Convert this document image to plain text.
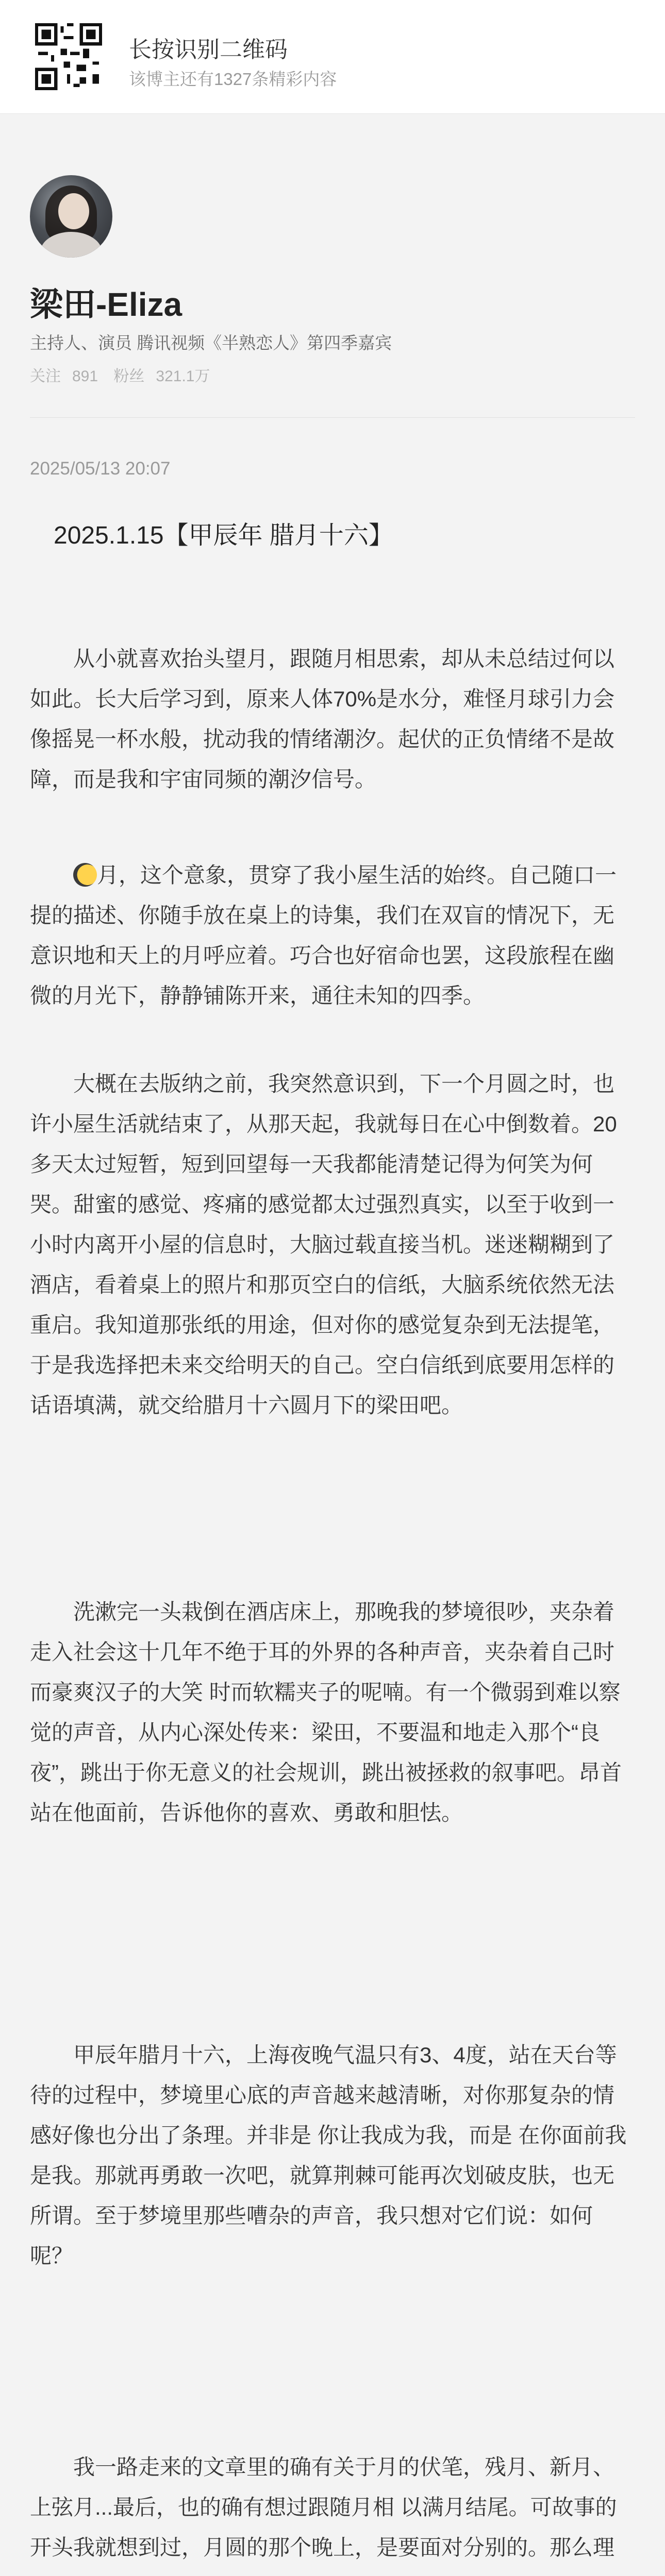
长按识别二维码
该博主还有1327条精彩内容
梁田-Eliza
主持人、演员 腾讯视频《半熟恋人》第四季嘉宾
关注 891 粉丝 321.1万
2025/05/13 20:07
2025.1.15【甲辰年 腊月十六】

从小就喜欢抬头望月，跟随月相思索，却从未总结过何以如此。长大后学习到，原来人体70%是水分，难怪月球引力会像摇晃一杯水般，扰动我的情绪潮汐。起伏的正负情绪不是故障，而是我和宇宙同频的潮汐信号。

月，这个意象，贯穿了我小屋生活的始终。自己随口一提的描述、你随手放在桌上的诗集，我们在双盲的情况下，无意识地和天上的月呼应着。巧合也好宿命也罢，这段旅程在幽微的月光下，静静铺陈开来，通往未知的四季。

大概在去版纳之前，我突然意识到，下一个月圆之时，也许小屋生活就结束了，从那天起，我就每日在心中倒数着。20多天太过短暂，短到回望每一天我都能清楚记得为何笑为何哭。甜蜜的感觉、疼痛的感觉都太过强烈真实，以至于收到一小时内离开小屋的信息时，大脑过载直接当机。迷迷糊糊到了酒店，看着桌上的照片和那页空白的信纸，大脑系统依然无法重启。我知道那张纸的用途，但对你的感觉复杂到无法提笔，于是我选择把未来交给明天的自己。空白信纸到底要用怎样的话语填满，就交给腊月十六圆月下的梁田吧。

洗漱完一头栽倒在酒店床上，那晚我的梦境很吵，夹杂着走入社会这十几年不绝于耳的外界的各种声音，夹杂着自己时而豪爽汉子的大笑 时而软糯夹子的呢喃。有一个微弱到难以察觉的声音，从内心深处传来：梁田，不要温和地走入那个“良夜”，跳出于你无意义的社会规训，跳出被拯救的叙事吧。昂首站在他面前，告诉他你的喜欢、勇敢和胆怯。

甲辰年腊月十六，上海夜晚气温只有3、4度，站在天台等待的过程中，梦境里心底的声音越来越清晰，对你那复杂的情感好像也分出了条理。并非是 你让我成为我，而是 在你面前我是我。那就再勇敢一次吧，就算荆棘可能再次划破皮肤，也无所谓。至于梦境里那些嘈杂的声音，我只想对它们说：如何呢？

我一路走来的文章里的确有关于月的伏笔，残月、新月、上弦月...最后，也的确有想过跟随月相 以满月结尾。可故事的开头我就想到过，月圆的那个晚上，是要面对分别的。那么理
